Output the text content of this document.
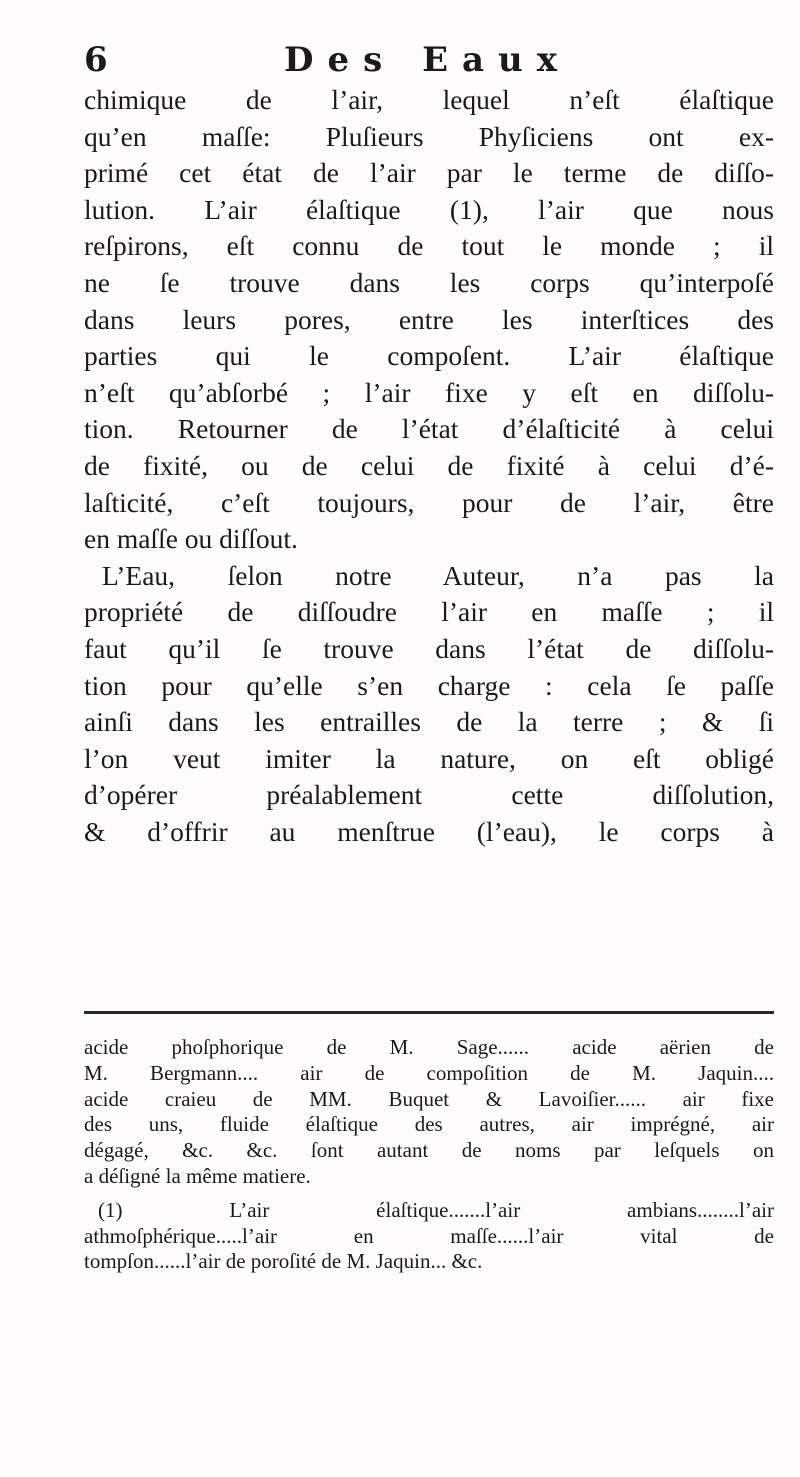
6	Des Eaux
chimique de l’air, lequel n’eſt élaſtique
qu’en maſſe: Pluſieurs Phyſiciens ont ex-
primé cet état de l’air par le terme de diſſo-
lution. L’air élaſtique (1), l’air que nous
reſpirons, eſt connu de tout le monde ; il
ne ſe trouve dans les corps qu’interpoſé
dans leurs pores, entre les interſtices des
parties qui le compoſent. L’air élaſtique
n’eſt qu’abſorbé ; l’air fixe y eſt en diſſolu-
tion. Retourner de l’état d’élaſticité à celui
de fixité, ou de celui de fixité à celui d’é-
laſticité, c’eſt toujours, pour de l’air, être
en maſſe ou diſſout.
L’Eau, ſelon notre Auteur, n’a pas la
propriété de diſſoudre l’air en maſſe ; il
faut qu’il ſe trouve dans l’état de diſſolu-
tion pour qu’elle s’en charge : cela ſe paſſe
ainſi dans les entrailles de la terre ; & ſi
l’on veut imiter la nature, on eſt obligé
d’opérer préalablement cette diſſolution,
& d’offrir au menſtrue (l’eau), le corps à
acide phoſphorique de M. Sage...... acide aërien de
M. Bergmann.... air de compoſition de M. Jaquin....
acide craieu de MM. Buquet & Lavoiſier...... air fixe
des uns, fluide élaſtique des autres, air imprégné, air
dégagé, &c. &c. ſont autant de noms par leſquels on
a déſigné la même matiere.
(1) L’air élaſtique.......l’air ambians........l’air
athmoſphérique.....l’air en maſſe......l’air vital de
tompſon......l’air de poroſité de M. Jaquin... &c.
